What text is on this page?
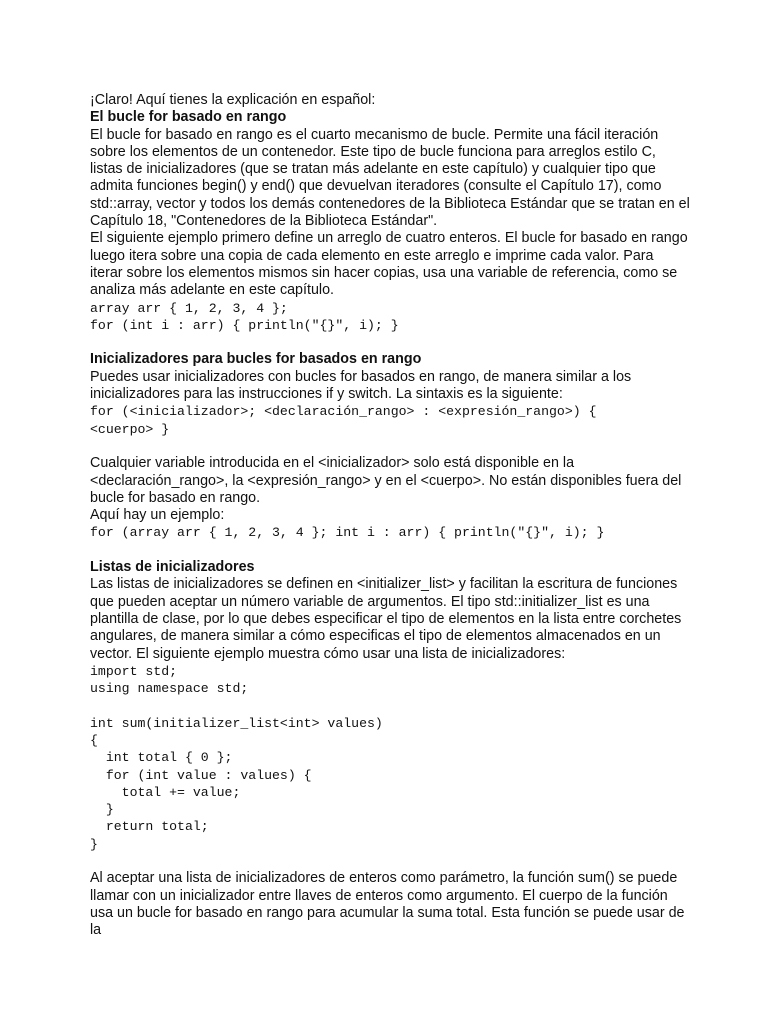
¡Claro! Aquí tienes la explicación en español:

El bucle for basado en rango

El bucle for basado en rango es el cuarto mecanismo de bucle. Permite una fácil iteración sobre los elementos de un contenedor. Este tipo de bucle funciona para arreglos estilo C, listas de inicializadores (que se tratan más adelante en este capítulo) y cualquier tipo que admita funciones begin() y end() que devuelvan iteradores (consulte el Capítulo 17), como std::array, vector y todos los demás contenedores de la Biblioteca Estándar que se tratan en el Capítulo 18, "Contenedores de la Biblioteca Estándar".

El siguiente ejemplo primero define un arreglo de cuatro enteros. El bucle for basado en rango luego itera sobre una copia de cada elemento en este arreglo e imprime cada valor. Para iterar sobre los elementos mismos sin hacer copias, usa una variable de referencia, como se analiza más adelante en este capítulo.

array arr { 1, 2, 3, 4 };
for (int i : arr) { println("{}", i); }

Inicializadores para bucles for basados en rango

Puedes usar inicializadores con bucles for basados en rango, de manera similar a los inicializadores para las instrucciones if y switch. La sintaxis es la siguiente:

for (<inicializador>; <declaración_rango> : <expresión_rango>) {
<cuerpo> }

Cualquier variable introducida en el <inicializador> solo está disponible en la <declaración_rango>, la <expresión_rango> y en el <cuerpo>. No están disponibles fuera del bucle for basado en rango.

Aquí hay un ejemplo:

for (array arr { 1, 2, 3, 4 }; int i : arr) { println("{}", i); }

Listas de inicializadores

Las listas de inicializadores se definen en <initializer_list> y facilitan la escritura de funciones que pueden aceptar un número variable de argumentos. El tipo std::initializer_list es una plantilla de clase, por lo que debes especificar el tipo de elementos en la lista entre corchetes angulares, de manera similar a cómo especificas el tipo de elementos almacenados en un vector. El siguiente ejemplo muestra cómo usar una lista de inicializadores:

import std;
using namespace std;

int sum(initializer_list<int> values)
{
int total { 0 };
for (int value : values) {
total += value;
}
return total;
}

Al aceptar una lista de inicializadores de enteros como parámetro, la función sum() se puede llamar con un inicializador entre llaves de enteros como argumento. El cuerpo de la función usa un bucle for basado en rango para acumular la suma total. Esta función se puede usar de la
